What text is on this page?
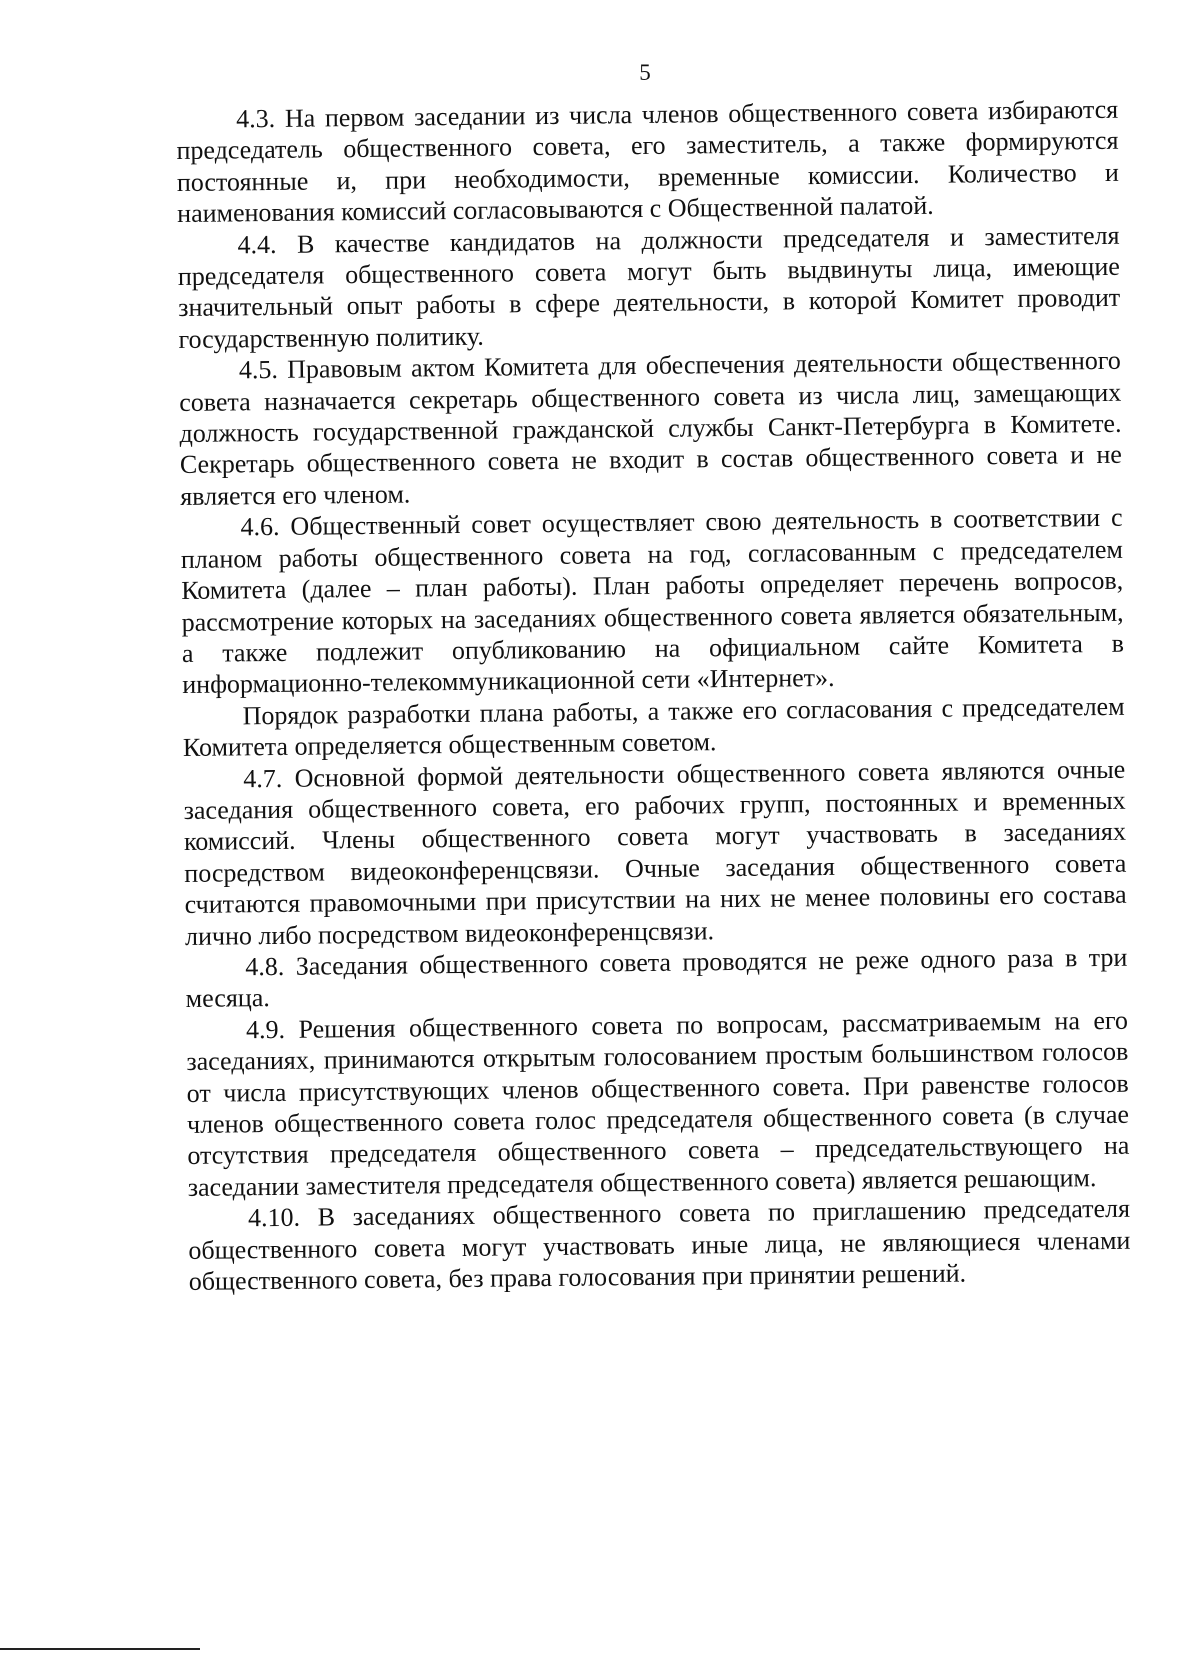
5

4.3. На первом заседании из числа членов общественного совета избираются председатель общественного совета, его заместитель, а также формируются постоянные и, при необходимости, временные комиссии. Количество и наименования комиссий согласовываются с Общественной палатой.

4.4. В качестве кандидатов на должности председателя и заместителя председателя общественного совета могут быть выдвинуты лица, имеющие значительный опыт работы в сфере деятельности, в которой Комитет проводит государственную политику.

4.5. Правовым актом Комитета для обеспечения деятельности общественного совета назначается секретарь общественного совета из числа лиц, замещающих должность государственной гражданской службы Санкт-Петербурга в Комитете. Секретарь общественного совета не входит в состав общественного совета и не является его членом.

4.6. Общественный совет осуществляет свою деятельность в соответствии с планом работы общественного совета на год, согласованным с председателем Комитета (далее – план работы). План работы определяет перечень вопросов, рассмотрение которых на заседаниях общественного совета является обязательным, а также подлежит опубликованию на официальном сайте Комитета в информационно-телекоммуникационной сети «Интернет».

Порядок разработки плана работы, а также его согласования с председателем Комитета определяется общественным советом.

4.7. Основной формой деятельности общественного совета являются очные заседания общественного совета, его рабочих групп, постоянных и временных комиссий. Члены общественного совета могут участвовать в заседаниях посредством видеоконференцсвязи. Очные заседания общественного совета считаются правомочными при присутствии на них не менее половины его состава лично либо посредством видеоконференцсвязи.

4.8. Заседания общественного совета проводятся не реже одного раза в три месяца.

4.9. Решения общественного совета по вопросам, рассматриваемым на его заседаниях, принимаются открытым голосованием простым большинством голосов от числа присутствующих членов общественного совета. При равенстве голосов членов общественного совета голос председателя общественного совета (в случае отсутствия председателя общественного совета – председательствующего на заседании заместителя председателя общественного совета) является решающим.

4.10. В заседаниях общественного совета по приглашению председателя общественного совета могут участвовать иные лица, не являющиеся членами общественного совета, без права голосования при принятии решений.
